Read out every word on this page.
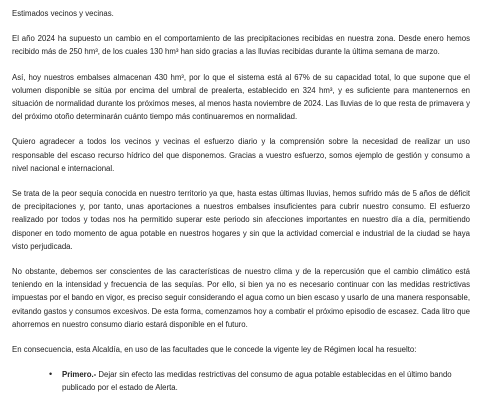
Estimados vecinos y vecinas.

El año 2024 ha supuesto un cambio en el comportamiento de las precipitaciones recibidas en nuestra zona. Desde enero hemos recibido más de 250 hm³, de los cuales 130 hm³ han sido gracias a las lluvias recibidas durante la última semana de marzo.

Así, hoy nuestros embalses almacenan 430 hm³, por lo que el sistema está al 67% de su capacidad total, lo que supone que el volumen disponible se sitúa por encima del umbral de prealerta, establecido en 324 hm³, y es suficiente para mantenernos en situación de normalidad durante los próximos meses, al menos hasta noviembre de 2024. Las lluvias de lo que resta de primavera y del próximo otoño determinarán cuánto tiempo más continuaremos en normalidad.

Quiero agradecer a todos los vecinos y vecinas el esfuerzo diario y la comprensión sobre la necesidad de realizar un uso responsable del escaso recurso hídrico del que disponemos. Gracias a vuestro esfuerzo, somos ejemplo de gestión y consumo a nivel nacional e internacional.

Se trata de la peor sequía conocida en nuestro territorio ya que, hasta estas últimas lluvias, hemos sufrido más de 5 años de déficit de precipitaciones y, por tanto, unas aportaciones a nuestros embalses insuficientes para cubrir nuestro consumo. El esfuerzo realizado por todos y todas nos ha permitido superar este periodo sin afecciones importantes en nuestro día a día, permitiendo disponer en todo momento de agua potable en nuestros hogares y sin que la actividad comercial e industrial de la ciudad se haya visto perjudicada.

No obstante, debemos ser conscientes de las características de nuestro clima y de la repercusión que el cambio climático está teniendo en la intensidad y frecuencia de las sequías. Por ello, si bien ya no es necesario continuar con las medidas restrictivas impuestas por el bando en vigor, es preciso seguir considerando el agua como un bien escaso y usarlo de una manera responsable, evitando gastos y consumos excesivos. De esta forma, comenzamos hoy a combatir el próximo episodio de escasez. Cada litro que ahorremos en nuestro consumo diario estará disponible en el futuro.

En consecuencia, esta Alcaldía, en uso de las facultades que le concede la vigente ley de Régimen local ha resuelto:

• Primero.- Dejar sin efecto las medidas restrictivas del consumo de agua potable establecidas en el último bando publicado por el estado de Alerta.
